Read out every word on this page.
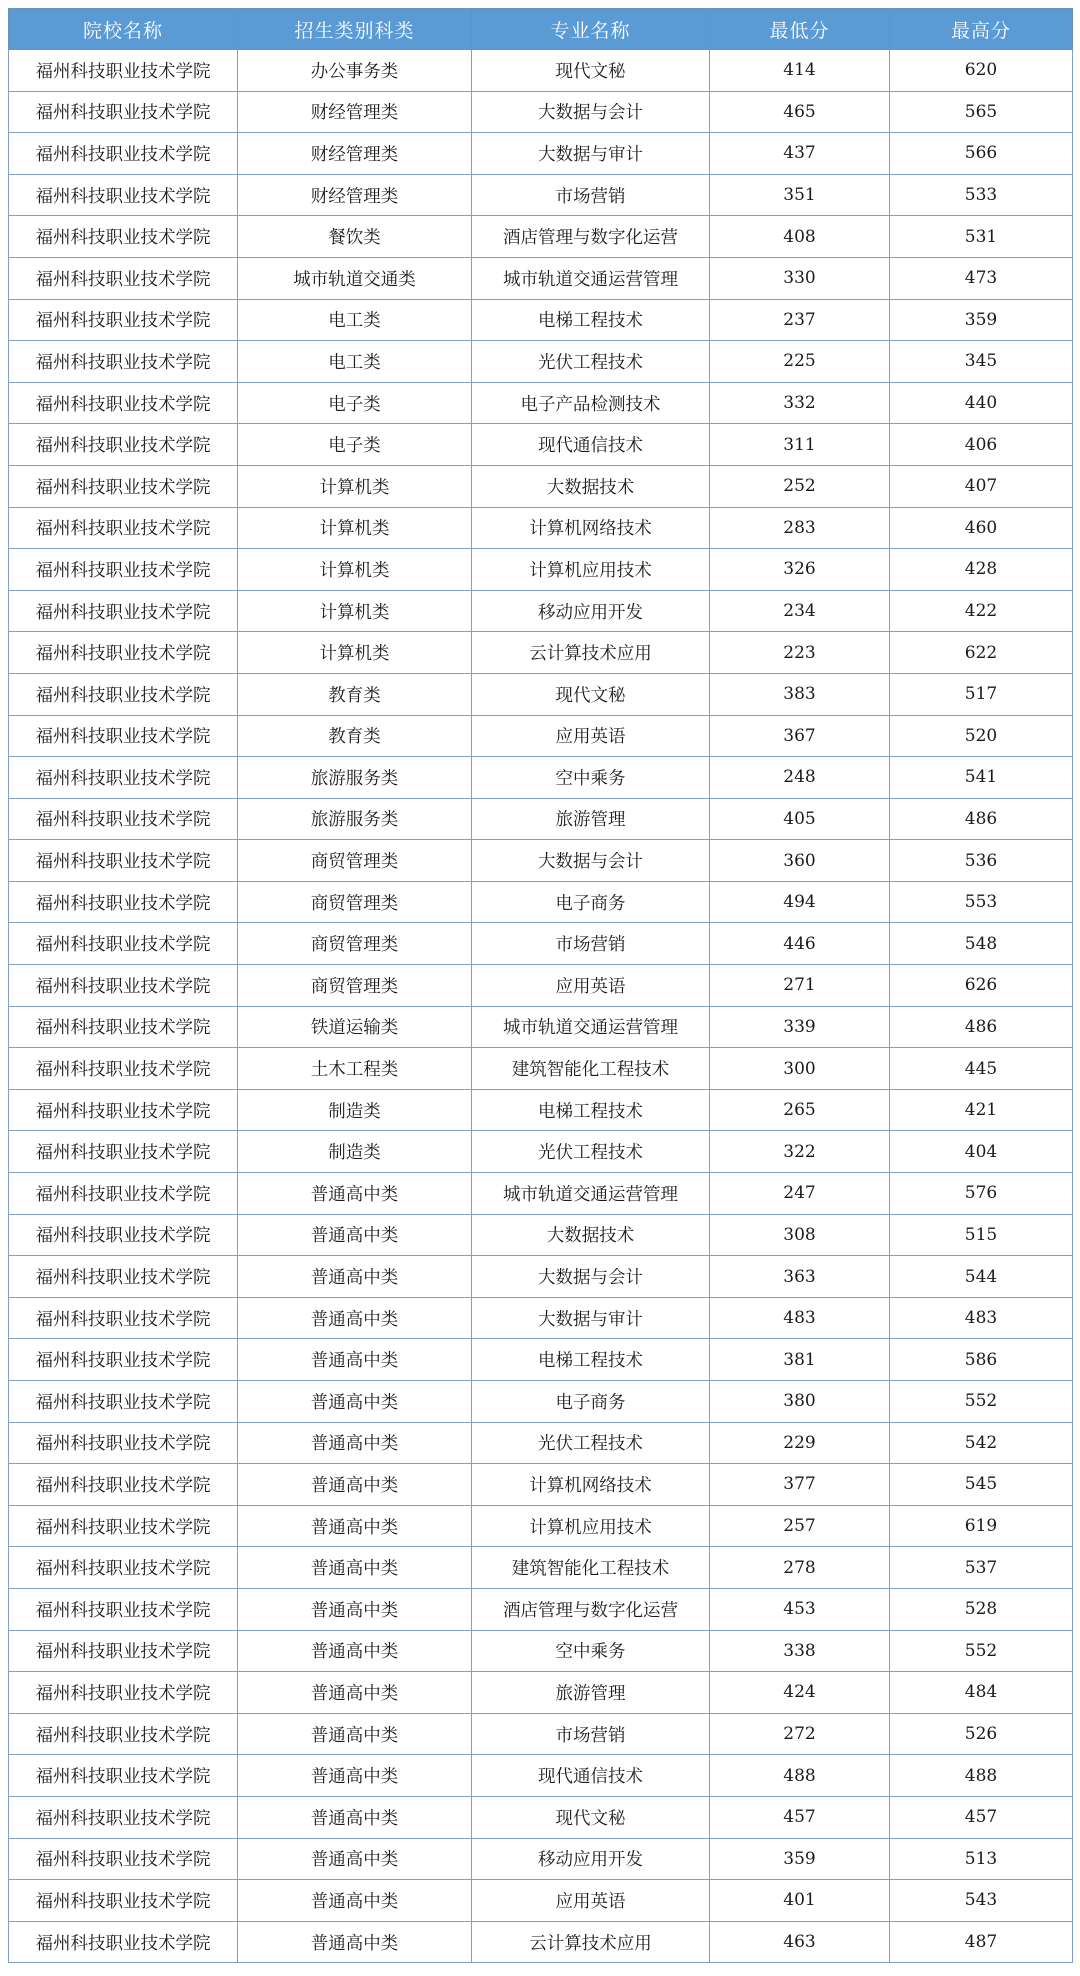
院校名称	招生类别科类	专业名称	最低分	最高分
福州科技职业技术学院	办公事务类	现代文秘	414	620
福州科技职业技术学院	财经管理类	大数据与会计	465	565
福州科技职业技术学院	财经管理类	大数据与审计	437	566
福州科技职业技术学院	财经管理类	市场营销	351	533
福州科技职业技术学院	餐饮类	酒店管理与数字化运营	408	531
福州科技职业技术学院	城市轨道交通类	城市轨道交通运营管理	330	473
福州科技职业技术学院	电工类	电梯工程技术	237	359
福州科技职业技术学院	电工类	光伏工程技术	225	345
福州科技职业技术学院	电子类	电子产品检测技术	332	440
福州科技职业技术学院	电子类	现代通信技术	311	406
福州科技职业技术学院	计算机类	大数据技术	252	407
福州科技职业技术学院	计算机类	计算机网络技术	283	460
福州科技职业技术学院	计算机类	计算机应用技术	326	428
福州科技职业技术学院	计算机类	移动应用开发	234	422
福州科技职业技术学院	计算机类	云计算技术应用	223	622
福州科技职业技术学院	教育类	现代文秘	383	517
福州科技职业技术学院	教育类	应用英语	367	520
福州科技职业技术学院	旅游服务类	空中乘务	248	541
福州科技职业技术学院	旅游服务类	旅游管理	405	486
福州科技职业技术学院	商贸管理类	大数据与会计	360	536
福州科技职业技术学院	商贸管理类	电子商务	494	553
福州科技职业技术学院	商贸管理类	市场营销	446	548
福州科技职业技术学院	商贸管理类	应用英语	271	626
福州科技职业技术学院	铁道运输类	城市轨道交通运营管理	339	486
福州科技职业技术学院	土木工程类	建筑智能化工程技术	300	445
福州科技职业技术学院	制造类	电梯工程技术	265	421
福州科技职业技术学院	制造类	光伏工程技术	322	404
福州科技职业技术学院	普通高中类	城市轨道交通运营管理	247	576
福州科技职业技术学院	普通高中类	大数据技术	308	515
福州科技职业技术学院	普通高中类	大数据与会计	363	544
福州科技职业技术学院	普通高中类	大数据与审计	483	483
福州科技职业技术学院	普通高中类	电梯工程技术	381	586
福州科技职业技术学院	普通高中类	电子商务	380	552
福州科技职业技术学院	普通高中类	光伏工程技术	229	542
福州科技职业技术学院	普通高中类	计算机网络技术	377	545
福州科技职业技术学院	普通高中类	计算机应用技术	257	619
福州科技职业技术学院	普通高中类	建筑智能化工程技术	278	537
福州科技职业技术学院	普通高中类	酒店管理与数字化运营	453	528
福州科技职业技术学院	普通高中类	空中乘务	338	552
福州科技职业技术学院	普通高中类	旅游管理	424	484
福州科技职业技术学院	普通高中类	市场营销	272	526
福州科技职业技术学院	普通高中类	现代通信技术	488	488
福州科技职业技术学院	普通高中类	现代文秘	457	457
福州科技职业技术学院	普通高中类	移动应用开发	359	513
福州科技职业技术学院	普通高中类	应用英语	401	543
福州科技职业技术学院	普通高中类	云计算技术应用	463	487
